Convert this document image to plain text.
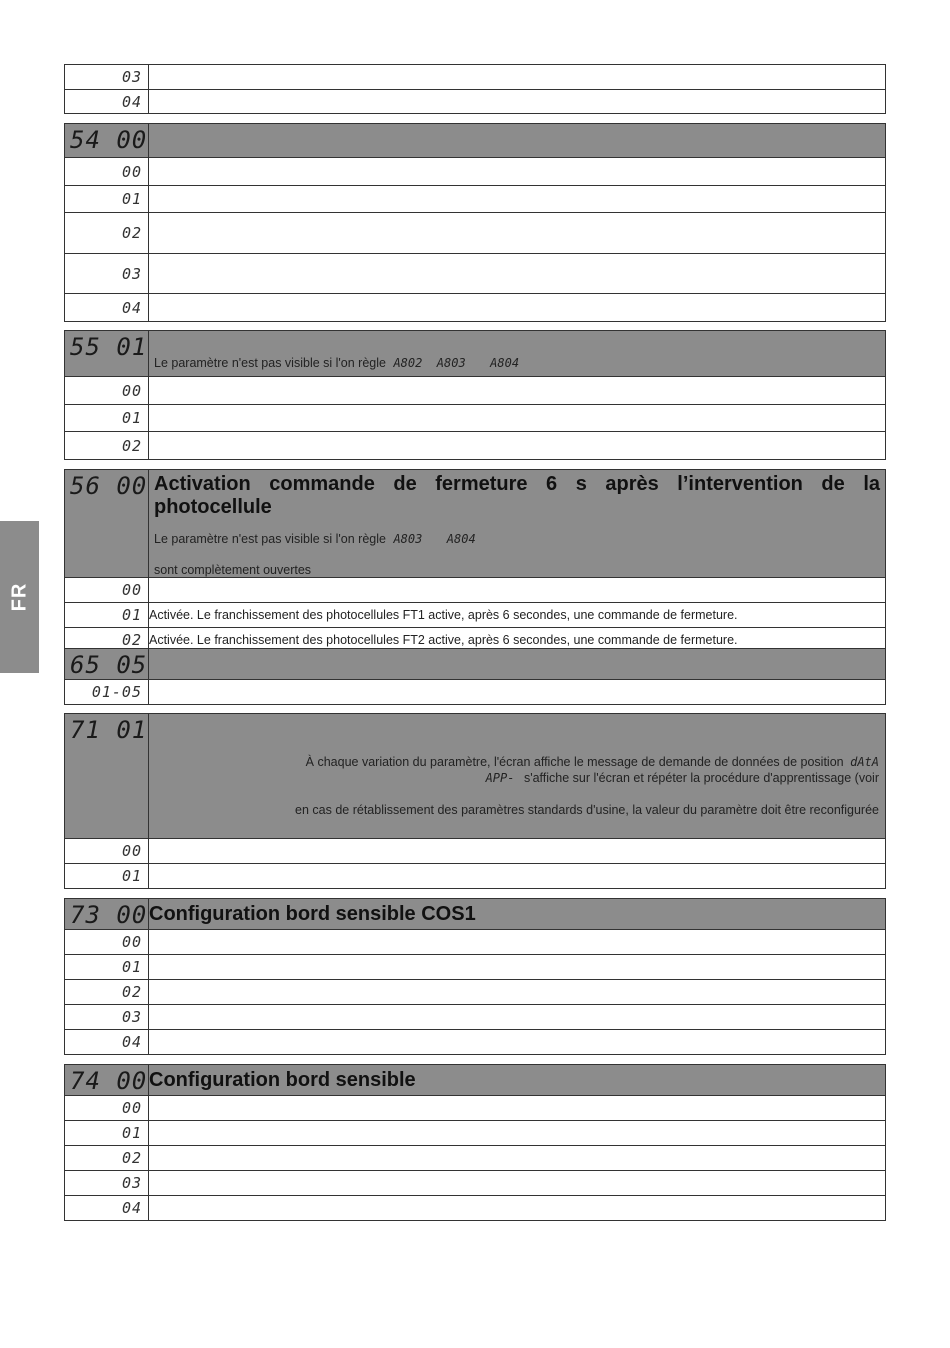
FR
03	
04	
54 00	
00	
01	
02	
03	
04	
55 01	Le paramètre n'est pas visible si l'on règle A802 A803 A804
00	
01	
02	
56 00	Activation commande de fermeture 6 s après l’intervention de la photocellule
Le paramètre n'est pas visible si l'on règle A803 A804
sont complètement ouvertes

00	
01	Activée. Le franchissement des photocellules FT1 active, après 6 secondes, une commande de fermeture.
02	Activée. Le franchissement des photocellules FT2 active, après 6 secondes, une commande de fermeture.
65 05	
01-05	
71 01	À chaque variation du paramètre, l'écran affiche le message de demande de données de position dAtA
APP- s'affiche sur l'écran et répéter la procédure d'apprentissage (voir
en cas de rétablissement des paramètres standards d'usine, la valeur du paramètre doit être reconfigurée

00	
01	
73 00	Configuration bord sensible COS1
00	
01	
02	
03	
04	
74 00	Configuration bord sensible
00	
01	
02	
03	
04	
